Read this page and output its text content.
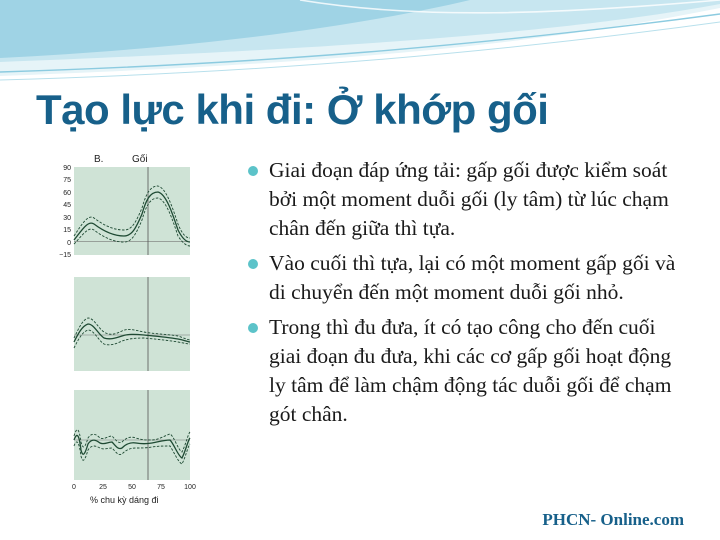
Tạo lực khi đi: Ở khớp gối
B.	Gối
90
75
60
45
30
15
0
−15
0	25	50	75	100
% chu kỳ dáng đi
Giai đoạn đáp ứng tải: gấp gối được kiểm soát bởi một moment duỗi gối (ly tâm) từ lúc chạm chân đến giữa thì tựa.
Vào cuối thì tựa, lại có một moment gấp gối và di chuyển đến một moment duỗi gối nhỏ.
Trong thì đu đưa, ít có tạo công cho đến cuối giai đoạn đu đưa, khi các cơ gấp gối hoạt động ly tâm để làm chậm động tác duỗi gối để chạm gót chân.
PHCN- Online.com
